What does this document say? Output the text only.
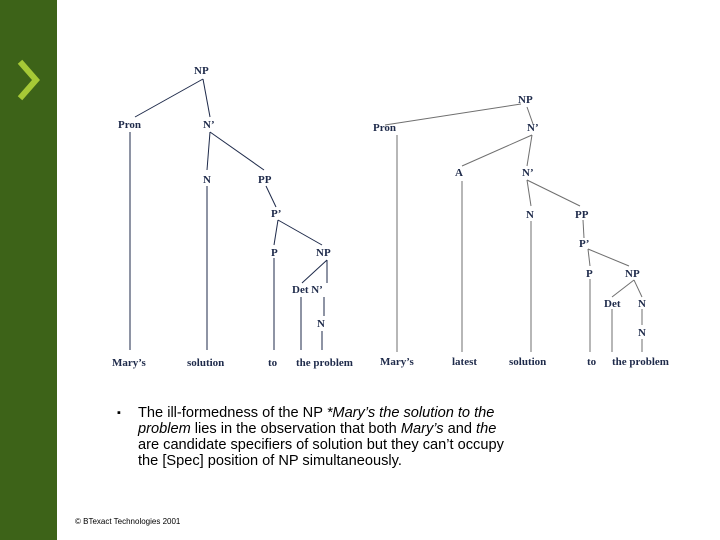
NP
Pron	N’
N	PP
P’
P	NP
Det N’
N
Mary’s	solution	to the problem
NP
Pron	N’
A	N’
N	PP
P’
P	NP
Det N
N
Mary’s	latest	solution	to the problem
▪ The ill-formedness of the NP *Mary’s the solution to the
problem lies in the observation that both Mary’s and the
are candidate specifiers of solution but they can’t occupy
the [Spec] position of NP simultaneously.
© BTexact Technologies 2001
